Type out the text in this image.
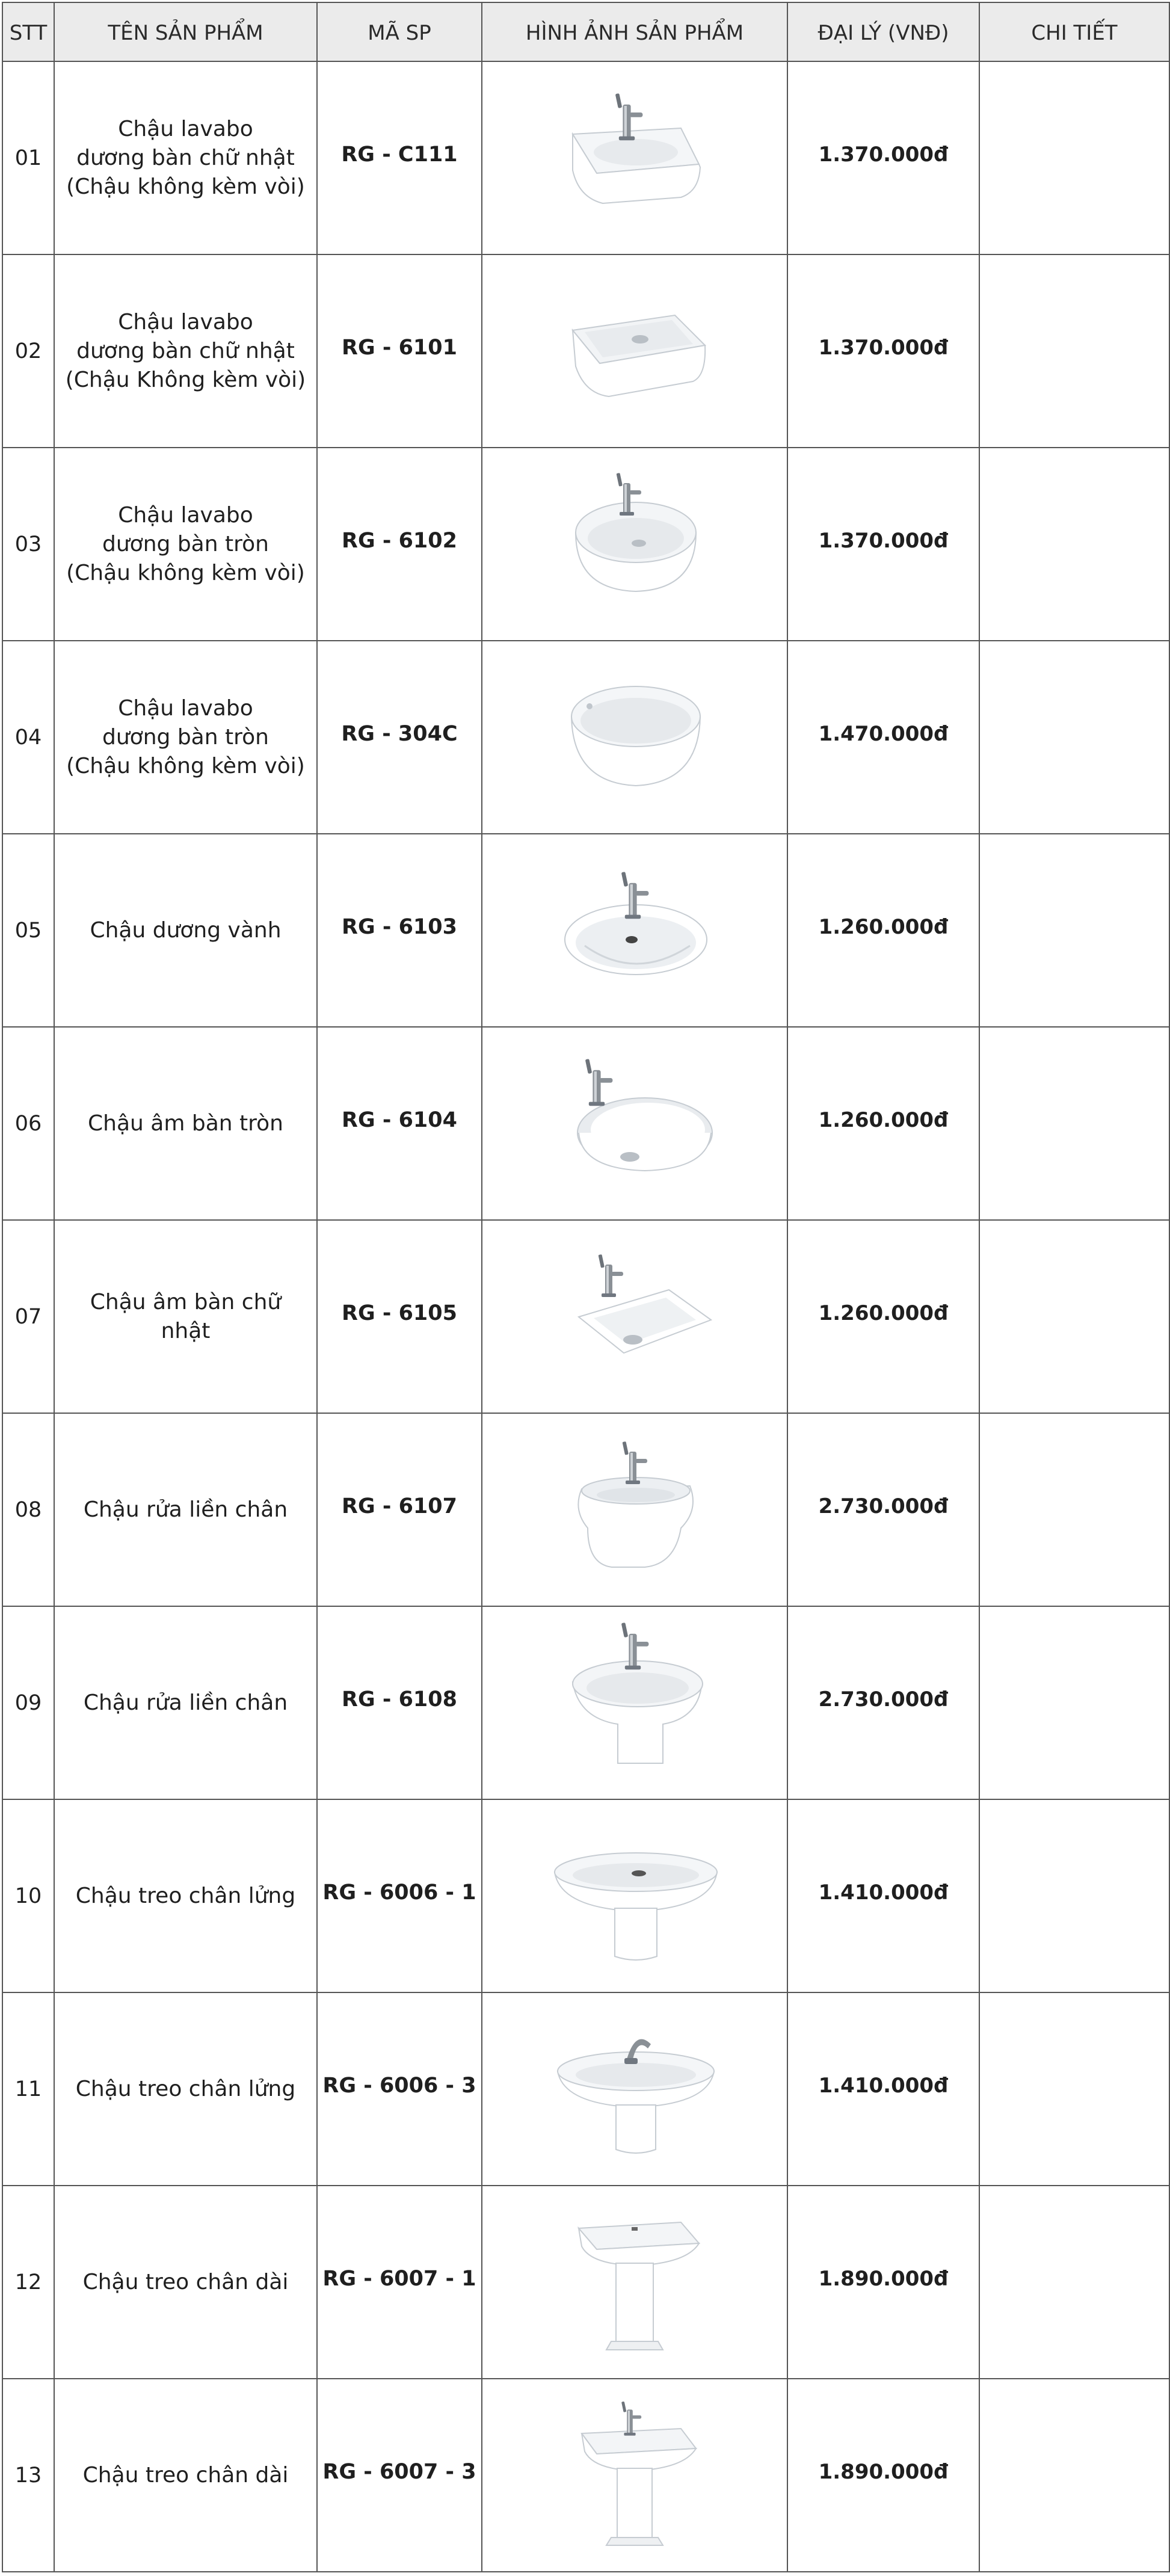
STT	TÊN SẢN PHẨM	MÃ SP	HÌNH ẢNH SẢN PHẨM	ĐẠI LÝ (VNĐ)	CHI TIẾT
01	Chậu lavabo
dương bàn chữ nhật
(Chậu không kèm vòi)	RG - C111		1.370.000đ	
02	Chậu lavabo
dương bàn chữ nhật
(Chậu Không kèm vòi)	RG - 6101		1.370.000đ	
03	Chậu lavabo
dương bàn tròn
(Chậu không kèm vòi)	RG - 6102		1.370.000đ	
04	Chậu lavabo
dương bàn tròn
(Chậu không kèm vòi)	RG - 304C		1.470.000đ	
05	Chậu dương vành	RG - 6103		1.260.000đ	
06	Chậu âm bàn tròn	RG - 6104		1.260.000đ	
07	Chậu âm bàn chữ nhật	RG - 6105		1.260.000đ	
08	Chậu rửa liền chân	RG - 6107		2.730.000đ	
09	Chậu rửa liền chân	RG - 6108		2.730.000đ	
10	Chậu treo chân lửng	RG - 6006 - 1		1.410.000đ	
11	Chậu treo chân lửng	RG - 6006 - 3		1.410.000đ	
12	Chậu treo chân dài	RG - 6007 - 1		1.890.000đ	
13	Chậu treo chân dài	RG - 6007 - 3		1.890.000đ	
